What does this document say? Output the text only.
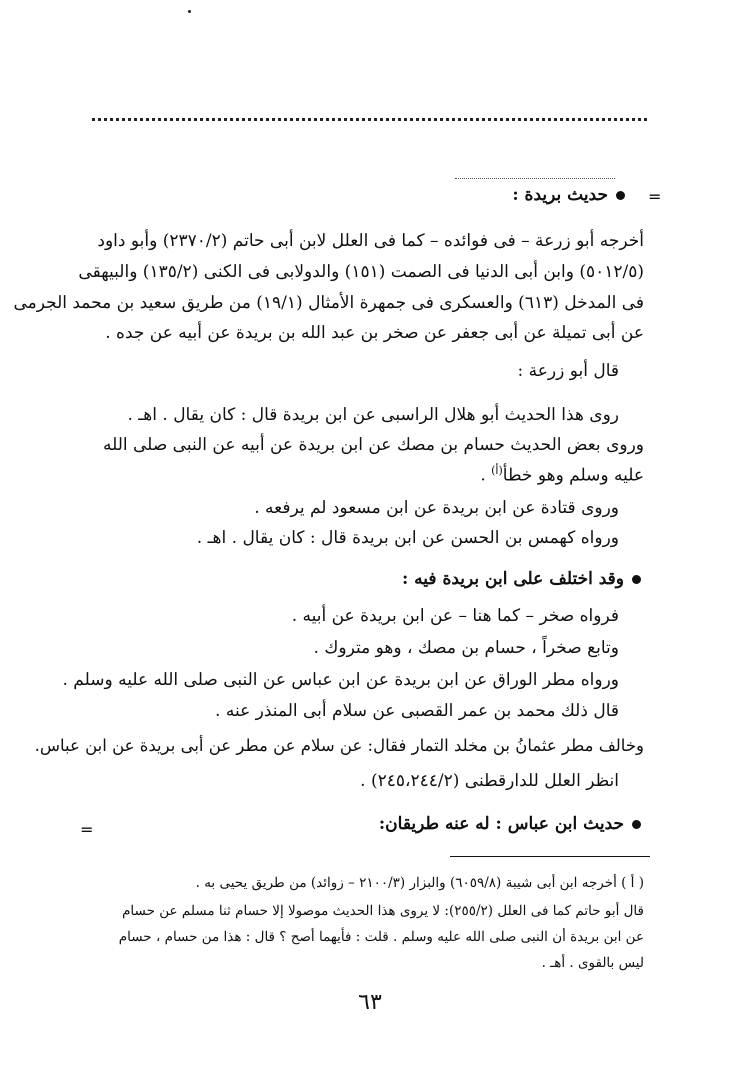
=
=
حديث بريدة :
أخرجه أبو زرعة – فى فوائده – كما فى العلل لابن أبى حاتم (٢٣٧٠/٢) وأبو داود
(٥٠١٢/٥) وابن أبى الدنيا فى الصمت (١٥١) والدولابى فى الكنى (١٣٥/٢) والبيهقى
فى المدخل (٦١٣) والعسكرى فى جمهرة الأمثال (١٩/١) من طريق سعيد بن محمد الجرمى
عن أبى تميلة عن أبى جعفر عن صخر بن عبد الله بن بريدة عن أبيه عن جده .
قال أبو زرعة :
روى هذا الحديث أبو هلال الراسبى عن ابن بريدة قال : كان يقال . اهـ .
وروى بعض الحديث حسام بن مصك عن ابن بريدة عن أبيه عن النبى صلى الله
عليه وسلم وهو خطأ$^{(أ)}$ .
وروى قتادة عن ابن بريدة عن ابن مسعود لم يرفعه .
ورواه كهمس بن الحسن عن ابن بريدة قال : كان يقال . اهـ .
وقد اختلف على ابن بريدة فيه :
فرواه صخر – كما هنا – عن ابن بريدة عن أبيه .
وتابع صخراً ، حسام بن مصك ، وهو متروك .
ورواه مطر الوراق عن ابن بريدة عن ابن عباس عن النبى صلى الله عليه وسلم .
قال ذلك محمد بن عمر القصبى عن سلام أبى المنذر عنه .
وخالف مطر عثمانُ بن مخلد التمار فقال: عن سلام عن مطر عن أبى بريدة عن ابن عباس.
انظر العلل للدارقطنى (٢٤٥،٢٤٤/٢) .
حديث ابن عباس : له عنه طريقان:
( أ ) أخرجه ابن أبى شيبة (٦٠٥٩/٨) والبزار (٢١٠٠/٣ – زوائد) من طريق يحيى به .
قال أبو حاتم كما فى العلل (٢٥٥/٢): لا يروى هذا الحديث موصولا إلا حسام ثنا مسلم عن حسام
عن ابن بريدة أن النبى صلى الله عليه وسلم . قلت : فأيهما أصح ؟ قال : هذا من حسام ، حسام
ليس بالقوى . أهـ .
٦٣
